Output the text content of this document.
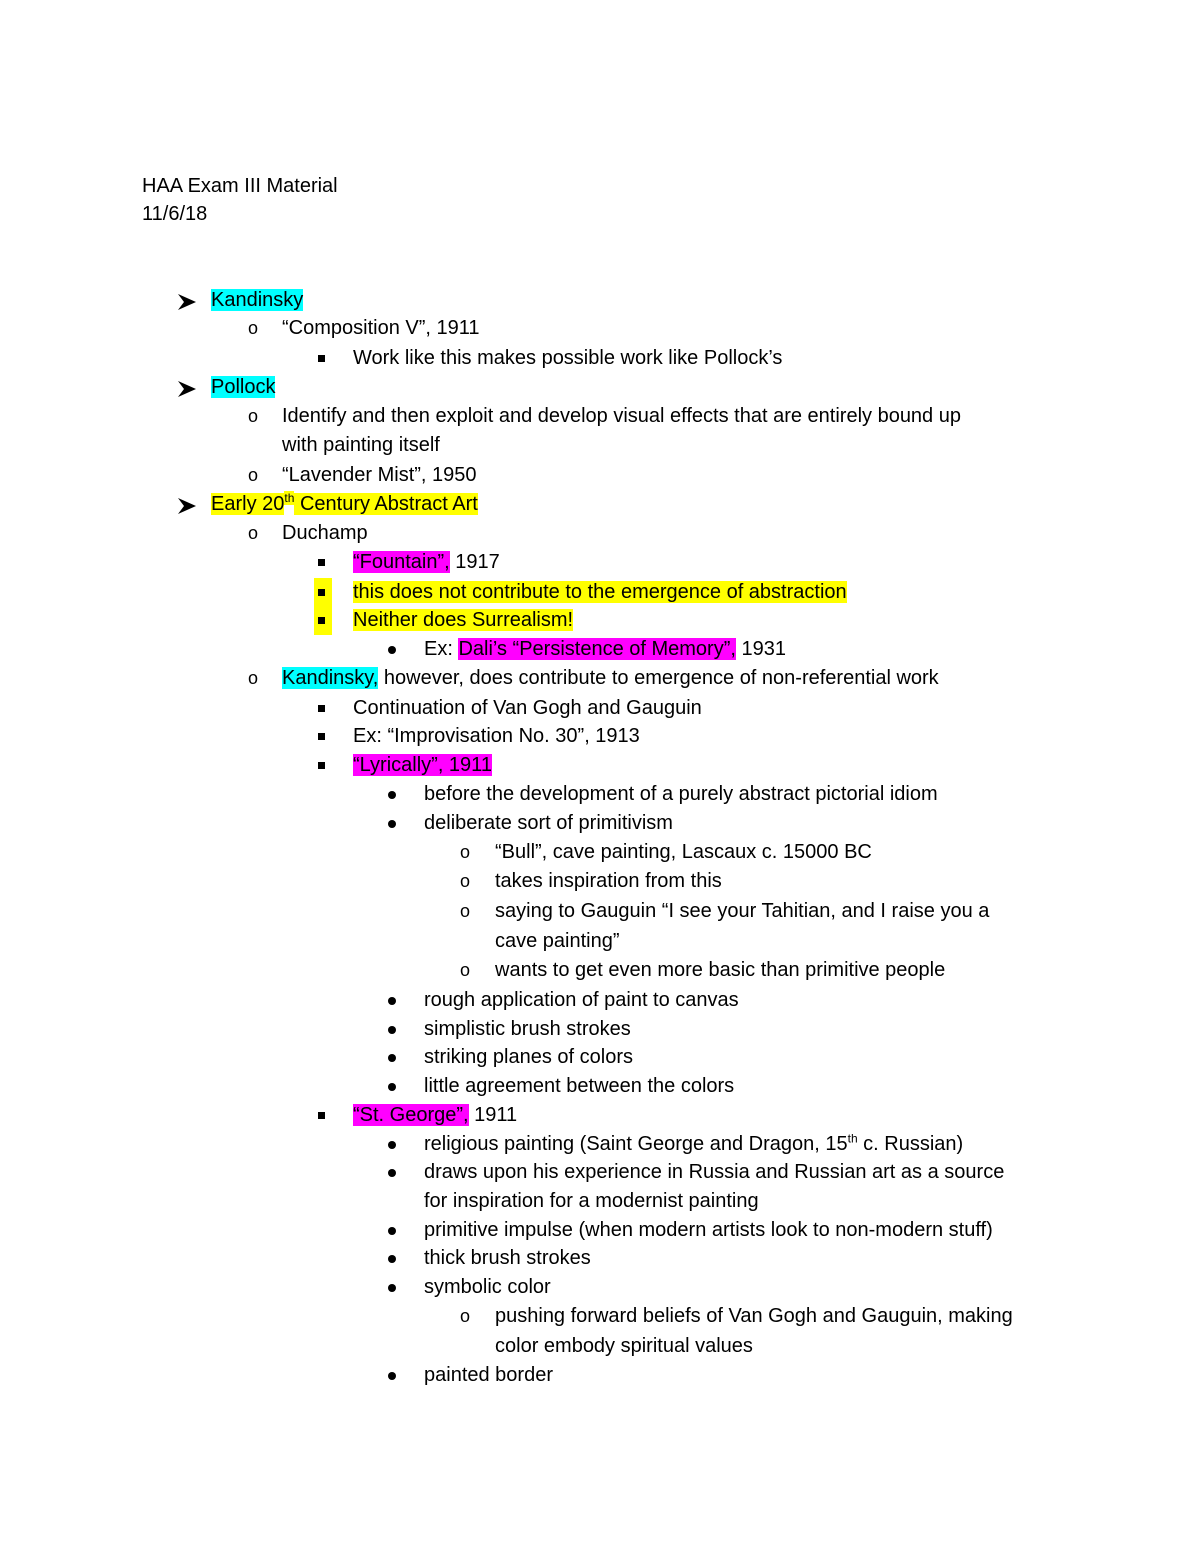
HAA Exam III Material
11/6/18
Kandinsky
o “Composition V”, 1911
Work like this makes possible work like Pollock’s
Pollock
o Identify and then exploit and develop visual effects that are entirely bound up
with painting itself
o “Lavender Mist”, 1950
Early 20th Century Abstract Art
o Duchamp
“Fountain”, 1917
this does not contribute to the emergence of abstraction
Neither does Surrealism!
Ex: Dali’s “Persistence of Memory”, 1931
o Kandinsky, however, does contribute to emergence of non-referential work
Continuation of Van Gogh and Gauguin
Ex: “Improvisation No. 30”, 1913
“Lyrically”, 1911
before the development of a purely abstract pictorial idiom
deliberate sort of primitivism
o “Bull”, cave painting, Lascaux c. 15000 BC
o takes inspiration from this
o saying to Gauguin “I see your Tahitian, and I raise you a
cave painting”
o wants to get even more basic than primitive people
rough application of paint to canvas
simplistic brush strokes
striking planes of colors
little agreement between the colors
“St. George”, 1911
religious painting (Saint George and Dragon, 15th c. Russian)
draws upon his experience in Russia and Russian art as a source
for inspiration for a modernist painting
primitive impulse (when modern artists look to non-modern stuff)
thick brush strokes
symbolic color
o pushing forward beliefs of Van Gogh and Gauguin, making
color embody spiritual values
painted border
